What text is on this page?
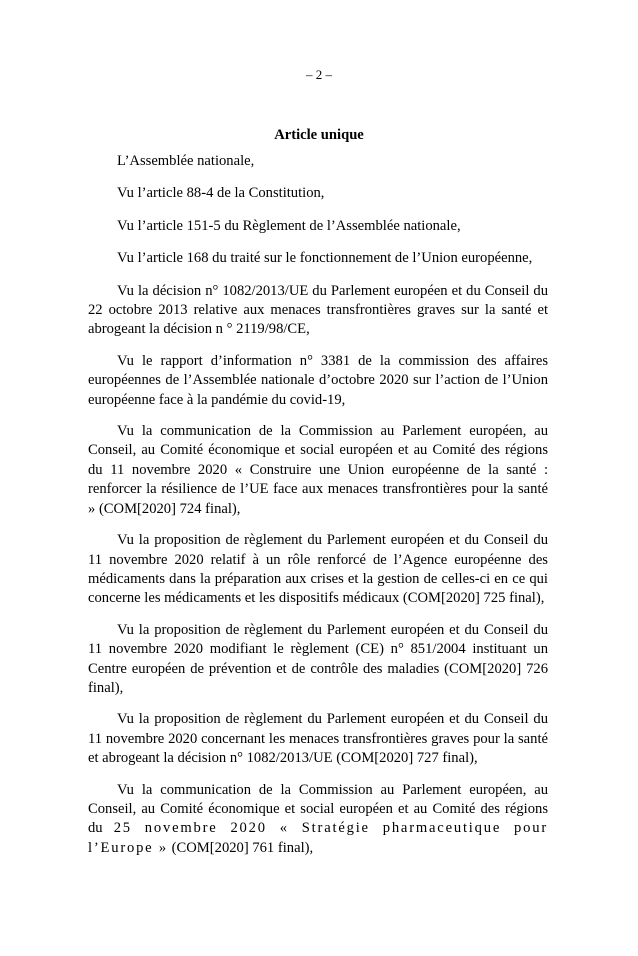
– 2 –
Article unique

L’Assemblée nationale,

Vu l’article 88-4 de la Constitution,

Vu l’article 151-5 du Règlement de l’Assemblée nationale,

Vu l’article 168 du traité sur le fonctionnement de l’Union européenne,

Vu la décision n° 1082/2013/UE du Parlement européen et du Conseil du 22 octobre 2013 relative aux menaces transfrontières graves sur la santé et abrogeant la décision n ° 2119/98/CE,

Vu le rapport d’information n° 3381 de la commission des affaires européennes de l’Assemblée nationale d’octobre 2020 sur l’action de l’Union européenne face à la pandémie du covid-19,

Vu la communication de la Commission au Parlement européen, au Conseil, au Comité économique et social européen et au Comité des régions du 11 novembre 2020 « Construire une Union européenne de la santé : renforcer la résilience de l’UE face aux menaces transfrontières pour la santé » (COM[2020] 724 final),

Vu la proposition de règlement du Parlement européen et du Conseil du 11 novembre 2020 relatif à un rôle renforcé de l’Agence européenne des médicaments dans la préparation aux crises et la gestion de celles-ci en ce qui concerne les médicaments et les dispositifs médicaux (COM[2020] 725 final),

Vu la proposition de règlement du Parlement européen et du Conseil du 11 novembre 2020 modifiant le règlement (CE) n° 851/2004 instituant un Centre européen de prévention et de contrôle des maladies (COM[2020] 726 final),

Vu la proposition de règlement du Parlement européen et du Conseil du 11 novembre 2020 concernant les menaces transfrontières graves pour la santé et abrogeant la décision n° 1082/2013/UE (COM[2020] 727 final),

Vu la communication de la Commission au Parlement européen, au Conseil, au Comité économique et social européen et au Comité des régions du 25 novembre 2020 « Stratégie pharmaceutique pour l’Europe » (COM[2020] 761 final),
